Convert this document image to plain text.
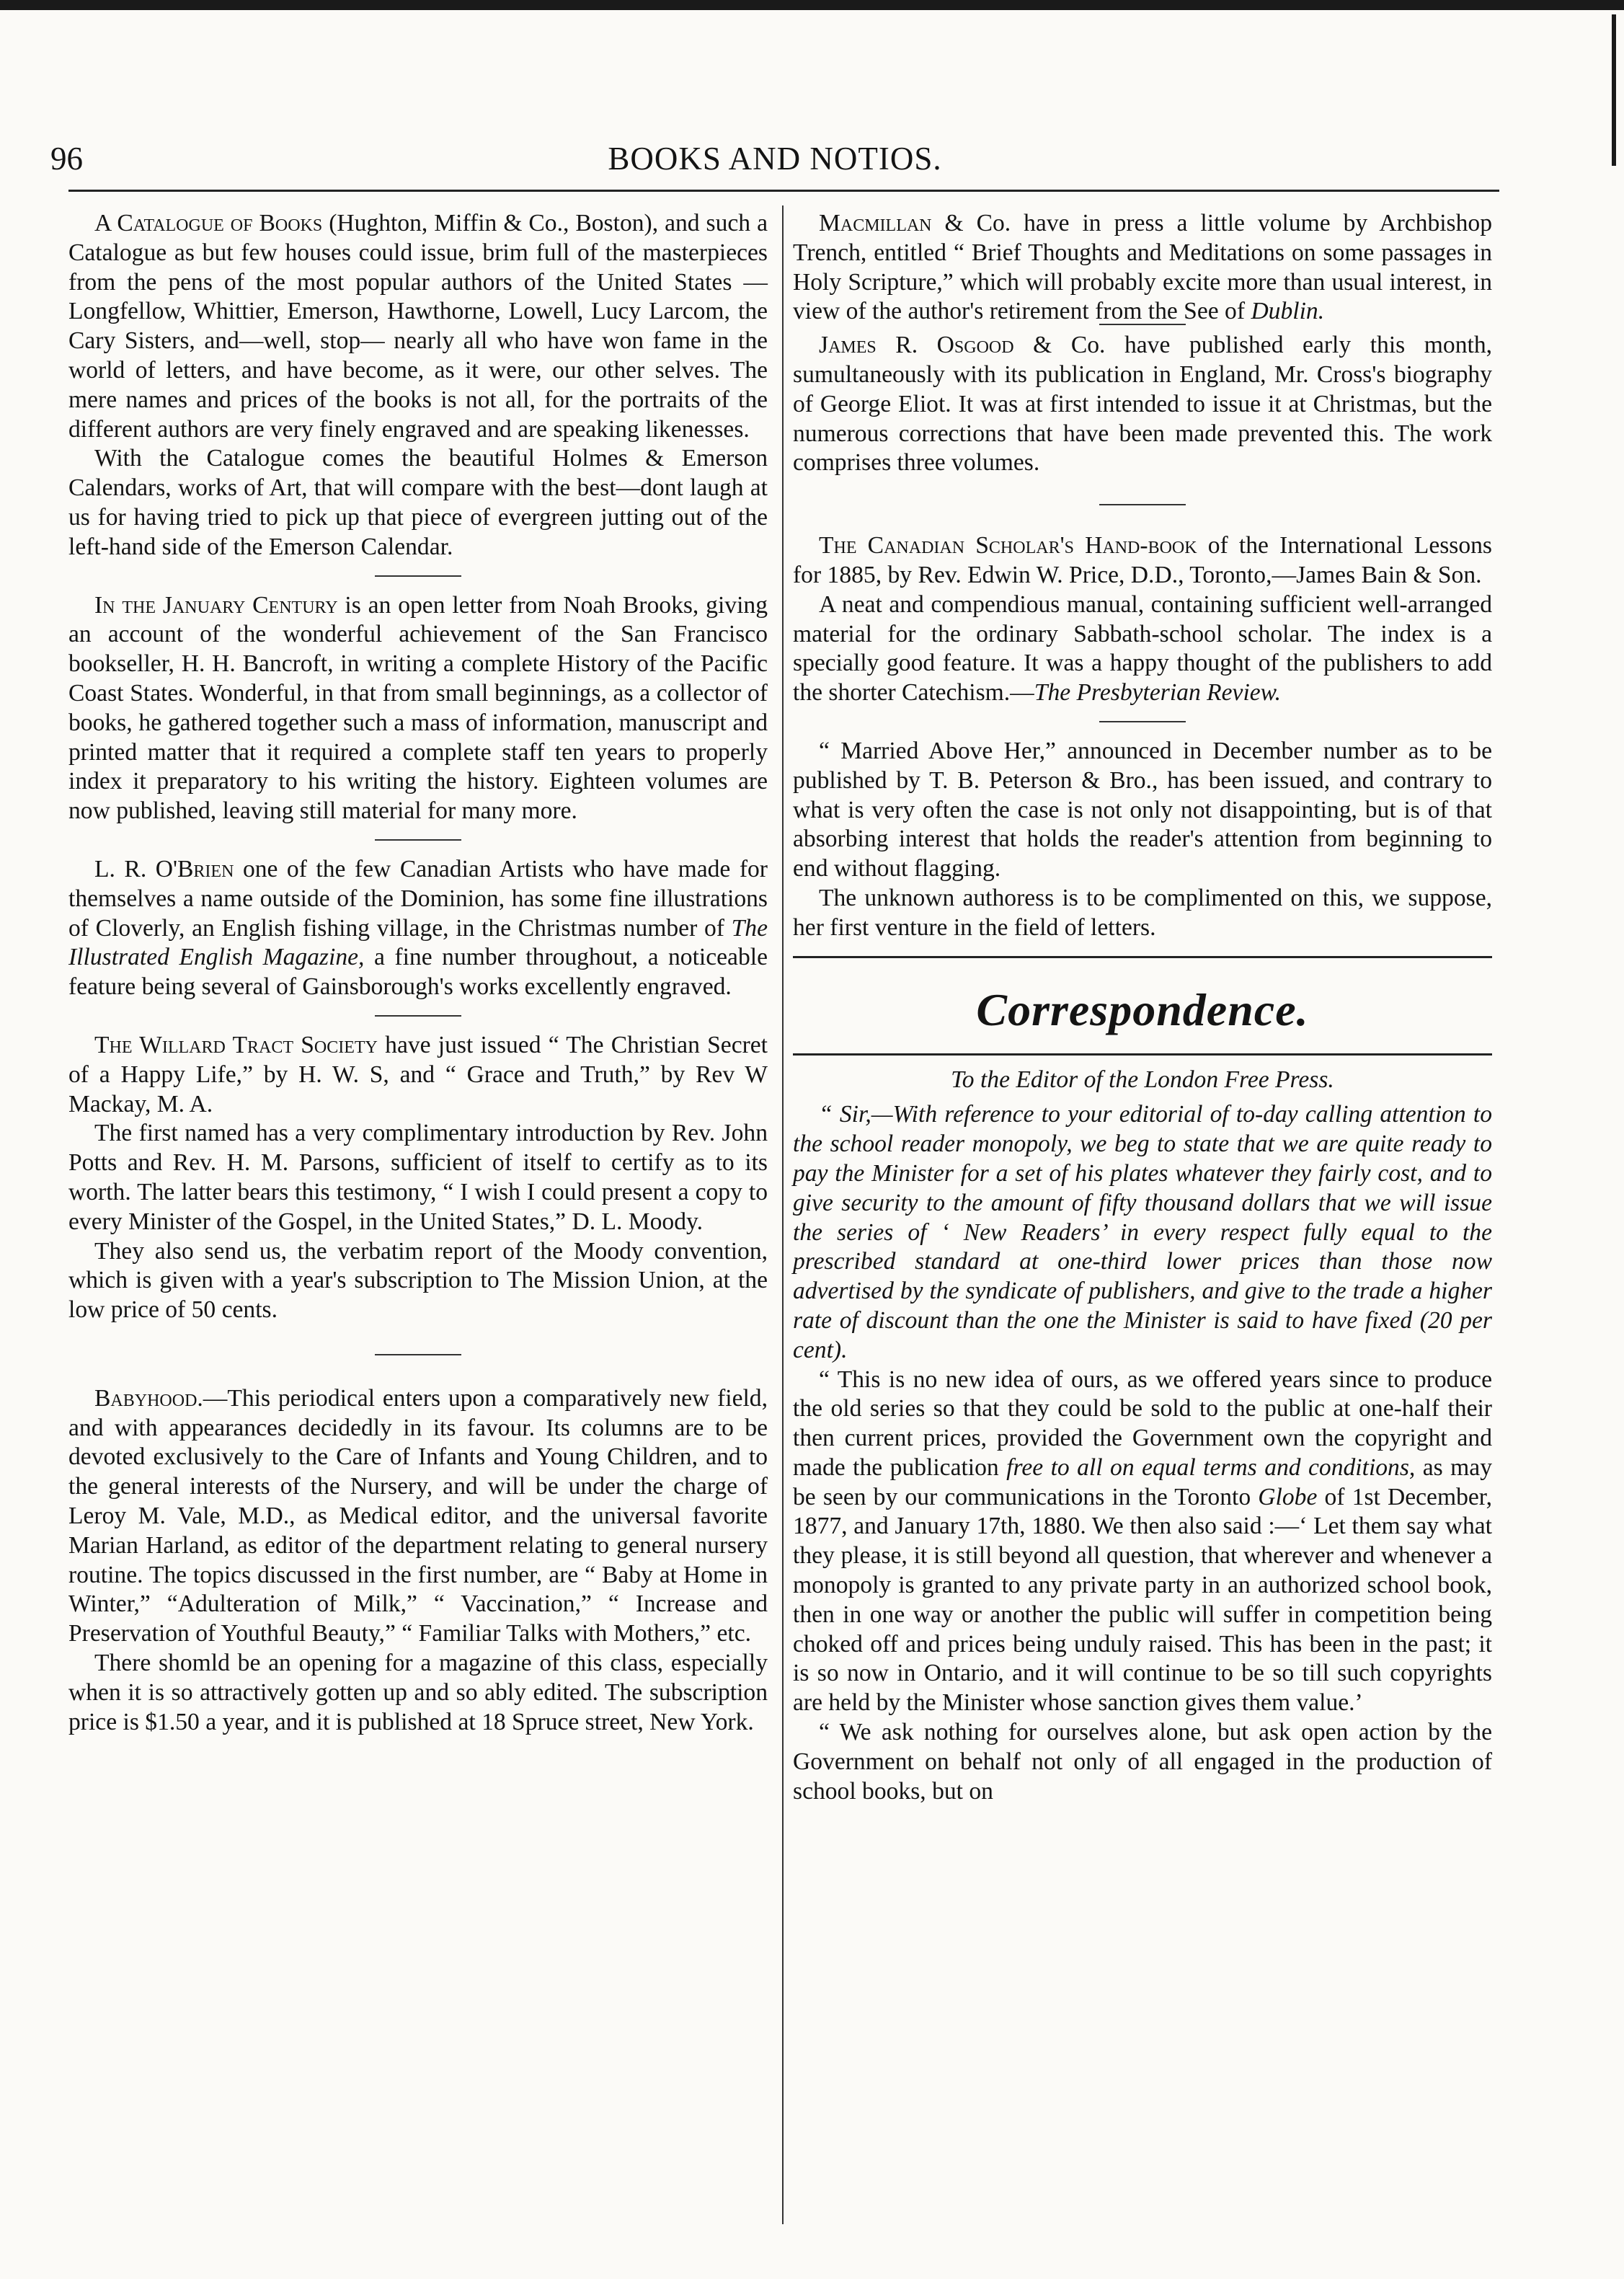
96	BOOKS AND NOTIOS.

A Catalogue of Books (Hughton, Miffin & Co., Boston), and such a Catalogue as but few houses could issue, brim full of the masterpieces from the pens of the most popular authors of the United States —Longfellow, Whittier, Emerson, Hawthorne, Lowell, Lucy Larcom, the Cary Sisters, and—well, stop— nearly all who have won fame in the world of letters, and have become, as it were, our other selves. The mere names and prices of the books is not all, for the portraits of the different authors are very finely engraved and are speaking likenesses.

With the Catalogue comes the beautiful Holmes & Emerson Calendars, works of Art, that will compare with the best—dont laugh at us for having tried to pick up that piece of evergreen jutting out of the left-hand side of the Emerson Calendar.

In the January Century is an open letter from Noah Brooks, giving an account of the wonderful achievement of the San Francisco bookseller, H. H. Bancroft, in writing a complete History of the Pacific Coast States. Wonderful, in that from small beginnings, as a collector of books, he gathered together such a mass of information, manuscript and printed matter that it required a complete staff ten years to properly index it preparatory to his writing the history. Eighteen volumes are now published, leaving still material for many more.

L. R. O'Brien one of the few Canadian Artists who have made for themselves a name outside of the Dominion, has some fine illustrations of Cloverly, an English fishing village, in the Christmas number of The Illustrated English Magazine, a fine number throughout, a noticeable feature being several of Gainsborough's works excellently engraved.

The Willard Tract Society have just issued “ The Christian Secret of a Happy Life,” by H. W. S, and “ Grace and Truth,” by Rev W Mackay, M. A.

The first named has a very complimentary introduction by Rev. John Potts and Rev. H. M. Parsons, sufficient of itself to certify as to its worth. The latter bears this testimony, “ I wish I could present a copy to every Minister of the Gospel, in the United States,” D. L. Moody.

They also send us, the verbatim report of the Moody convention, which is given with a year's subscription to The Mission Union, at the low price of 50 cents.

Babyhood.—This periodical enters upon a comparatively new field, and with appearances decidedly in its favour. Its columns are to be devoted exclusively to the Care of Infants and Young Children, and to the general interests of the Nursery, and will be under the charge of Leroy M. Vale, M.D., as Medical editor, and the universal favorite Marian Harland, as editor of the department relating to general nursery routine. The topics discussed in the first number, are “ Baby at Home in Winter,” “Adulteration of Milk,” “ Vaccination,” “ Increase and Preservation of Youthful Beauty,” “ Familiar Talks with Mothers,” etc.

There shomld be an opening for a magazine of this class, especially when it is so attractively gotten up and so ably edited. The subscription price is $1.50 a year, and it is published at 18 Spruce street, New York.

Macmillan & Co. have in press a little volume by Archbishop Trench, entitled “ Brief Thoughts and Meditations on some passages in Holy Scripture,” which will probably excite more than usual interest, in view of the author's retirement from the See of Dublin.

James R. Osgood & Co. have published early this month, sumultaneously with its publication in England, Mr. Cross's biography of George Eliot. It was at first intended to issue it at Christmas, but the numerous corrections that have been made prevented this. The work comprises three volumes.

The Canadian Scholar's Hand-book of the International Lessons for 1885, by Rev. Edwin W. Price, D.D., Toronto,—James Bain & Son.

A neat and compendious manual, containing sufficient well-arranged material for the ordinary Sabbath-school scholar. The index is a specially good feature. It was a happy thought of the publishers to add the shorter Catechism.—The Presbyterian Review.

“ Married Above Her,” announced in December number as to be published by T. B. Peterson & Bro., has been issued, and contrary to what is very often the case is not only not disappointing, but is of that absorbing interest that holds the reader's attention from beginning to end without flagging.

The unknown authoress is to be complimented on this, we suppose, her first venture in the field of letters.

Correspondence.
To the Editor of the London Free Press.

“ Sir,—With reference to your editorial of to-day calling attention to the school reader monopoly, we beg to state that we are quite ready to pay the Minister for a set of his plates whatever they fairly cost, and to give security to the amount of fifty thousand dollars that we will issue the series of ‘ New Readers’ in every respect fully equal to the prescribed standard at one-third lower prices than those now advertised by the syndicate of publishers, and give to the trade a higher rate of discount than the one the Minister is said to have fixed (20 per cent).

“ This is no new idea of ours, as we offered years since to produce the old series so that they could be sold to the public at one-half their then current prices, provided the Government own the copyright and made the publication free to all on equal terms and conditions, as may be seen by our communications in the Toronto Globe of 1st December, 1877, and January 17th, 1880. We then also said :—‘ Let them say what they please, it is still beyond all question, that wherever and whenever a monopoly is granted to any private party in an authorized school book, then in one way or another the public will suffer in competition being choked off and prices being unduly raised. This has been in the past; it is so now in Ontario, and it will continue to be so till such copyrights are held by the Minister whose sanction gives them value.’

“ We ask nothing for ourselves alone, but ask open action by the Government on behalf not only of all engaged in the production of school books, but on
